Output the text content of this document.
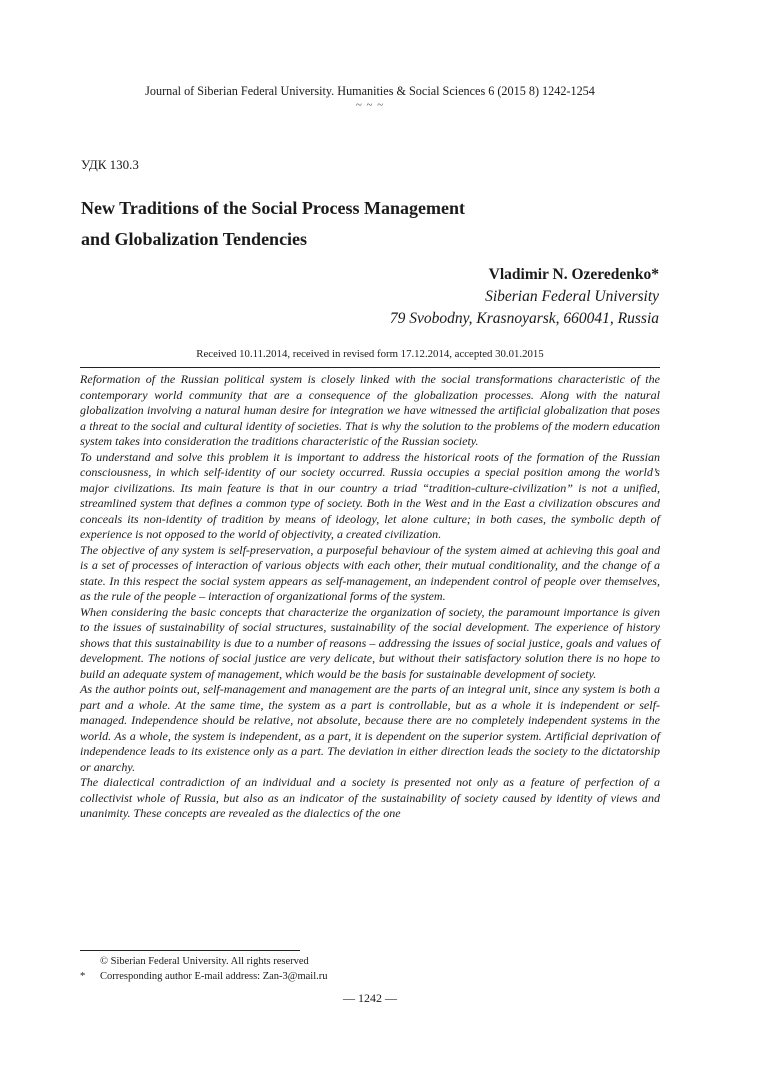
Journal of Siberian Federal University. Humanities & Social Sciences 6 (2015 8) 1242-1254
~ ~ ~
УДК 130.3
New Traditions of the Social Process Management
and Globalization Tendencies
Vladimir N. Ozeredenko*
Siberian Federal University
79 Svobodny, Krasnoyarsk, 660041, Russia
Received 10.11.2014, received in revised form 17.12.2014, accepted 30.01.2015

Reformation of the Russian political system is closely linked with the social transformations characteristic of the contemporary world community that are a consequence of the globalization processes. Along with the natural globalization involving a natural human desire for integration we have witnessed the artificial globalization that poses a threat to the social and cultural identity of societies. That is why the solution to the problems of the modern education system takes into consideration the traditions characteristic of the Russian society.

To understand and solve this problem it is important to address the historical roots of the formation of the Russian consciousness, in which self-identity of our society occurred. Russia occupies a special position among the world’s major civilizations. Its main feature is that in our country a triad “tradition-culture-civilization” is not a unified, streamlined system that defines a common type of society. Both in the West and in the East a civilization obscures and conceals its non-identity of tradition by means of ideology, let alone culture; in both cases, the symbolic depth of experience is not opposed to the world of objectivity, a created civilization.

The objective of any system is self-preservation, a purposeful behaviour of the system aimed at achieving this goal and is a set of processes of interaction of various objects with each other, their mutual conditionality, and the change of a state. In this respect the social system appears as self-management, an independent control of people over themselves, as the rule of the people – interaction of organizational forms of the system.

When considering the basic concepts that characterize the organization of society, the paramount importance is given to the issues of sustainability of social structures, sustainability of the social development. The experience of history shows that this sustainability is due to a number of reasons – addressing the issues of social justice, goals and values of development. The notions of social justice are very delicate, but without their satisfactory solution there is no hope to build an adequate system of management, which would be the basis for sustainable development of society.

As the author points out, self-management and management are the parts of an integral unit, since any system is both a part and a whole. At the same time, the system as a part is controllable, but as a whole it is independent or self-managed. Independence should be relative, not absolute, because there are no completely independent systems in the world. As a whole, the system is independent, as a part, it is dependent on the superior system. Artificial deprivation of independence leads to its existence only as a part. The deviation in either direction leads the society to the dictatorship or anarchy.

The dialectical contradiction of an individual and a society is presented not only as a feature of perfection of a collectivist whole of Russia, but also as an indicator of the sustainability of society caused by identity of views and unanimity. These concepts are revealed as the dialectics of the one

© Siberian Federal University. All rights reserved
*	Corresponding author E-mail address: Zan-3@mail.ru
— 1242 —
